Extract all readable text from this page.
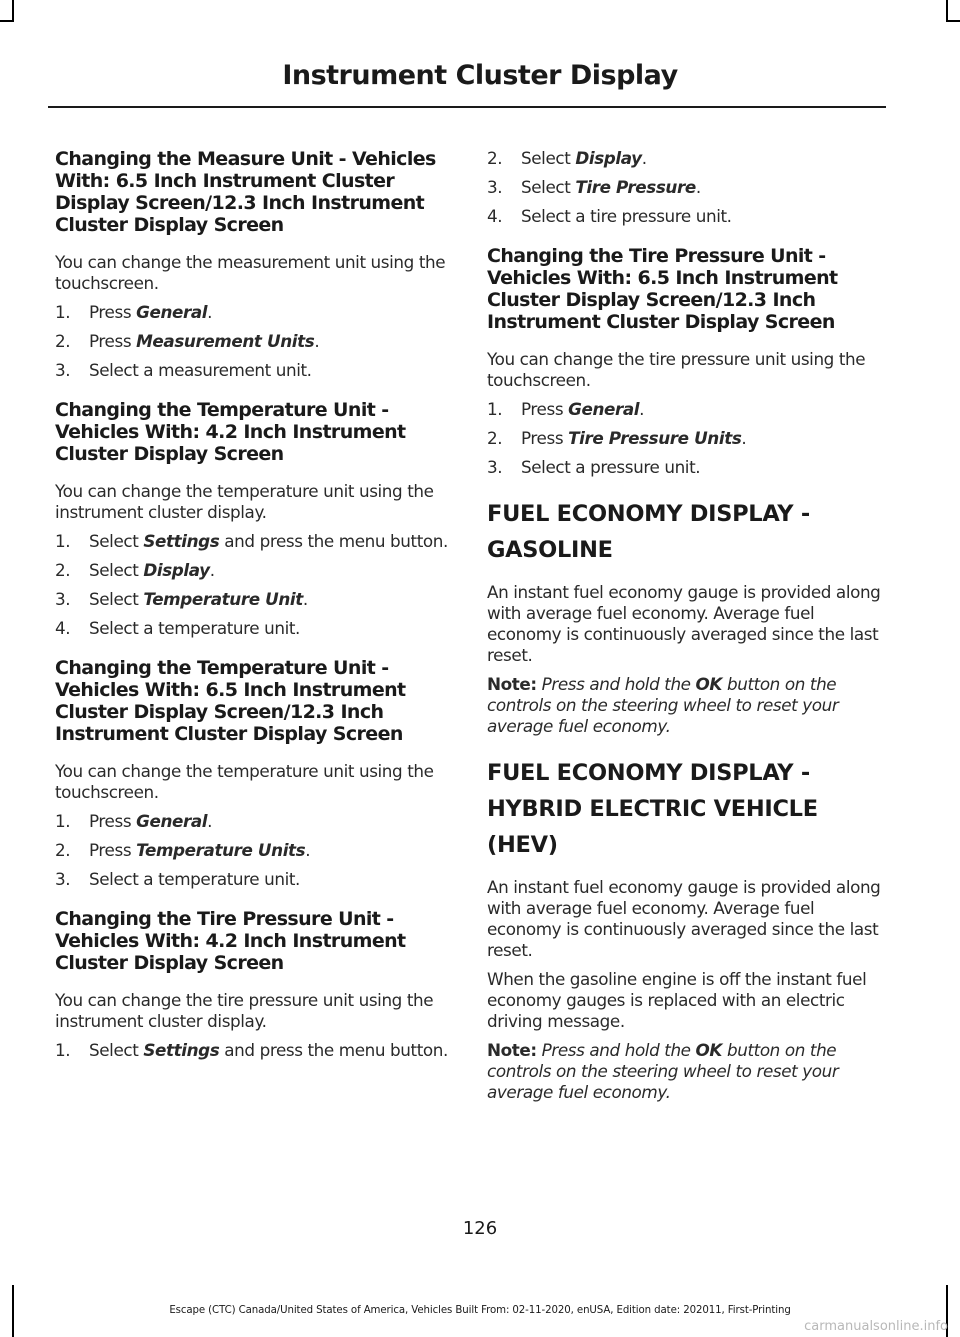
Instrument Cluster Display
Changing the Measure Unit - Vehicles With: 6.5 Inch Instrument Cluster Display Screen/12.3 Inch Instrument Cluster Display Screen

You can change the measurement unit using the touchscreen.

1. Press General.
2. Press Measurement Units.
3. Select a measurement unit.
Changing the Temperature Unit - Vehicles With: 4.2 Inch Instrument Cluster Display Screen

You can change the temperature unit using the instrument cluster display.

1. Select Settings and press the menu button.
2. Select Display.
3. Select Temperature Unit.
4. Select a temperature unit.
Changing the Temperature Unit - Vehicles With: 6.5 Inch Instrument Cluster Display Screen/12.3 Inch Instrument Cluster Display Screen

You can change the temperature unit using the touchscreen.

1. Press General.
2. Press Temperature Units.
3. Select a temperature unit.
Changing the Tire Pressure Unit - Vehicles With: 4.2 Inch Instrument Cluster Display Screen

You can change the tire pressure unit using the instrument cluster display.

1. Select Settings and press the menu button.
2. Select Display.
3. Select Tire Pressure.
4. Select a tire pressure unit.
Changing the Tire Pressure Unit - Vehicles With: 6.5 Inch Instrument Cluster Display Screen/12.3 Inch Instrument Cluster Display Screen

You can change the tire pressure unit using the touchscreen.

1. Press General.
2. Press Tire Pressure Units.
3. Select a pressure unit.
FUEL ECONOMY DISPLAY - GASOLINE

An instant fuel economy gauge is provided along with average fuel economy. Average fuel economy is continuously averaged since the last reset.

Note: Press and hold the OK button on the controls on the steering wheel to reset your average fuel economy.

FUEL ECONOMY DISPLAY - HYBRID ELECTRIC VEHICLE (HEV)

An instant fuel economy gauge is provided along with average fuel economy. Average fuel economy is continuously averaged since the last reset.

When the gasoline engine is off the instant fuel economy gauges is replaced with an electric driving message.

Note: Press and hold the OK button on the controls on the steering wheel to reset your average fuel economy.

126
Escape (CTC) Canada/United States of America, Vehicles Built From: 02-11-2020, enUSA, Edition date: 202011, First-Printing
carmanualsonline.info
